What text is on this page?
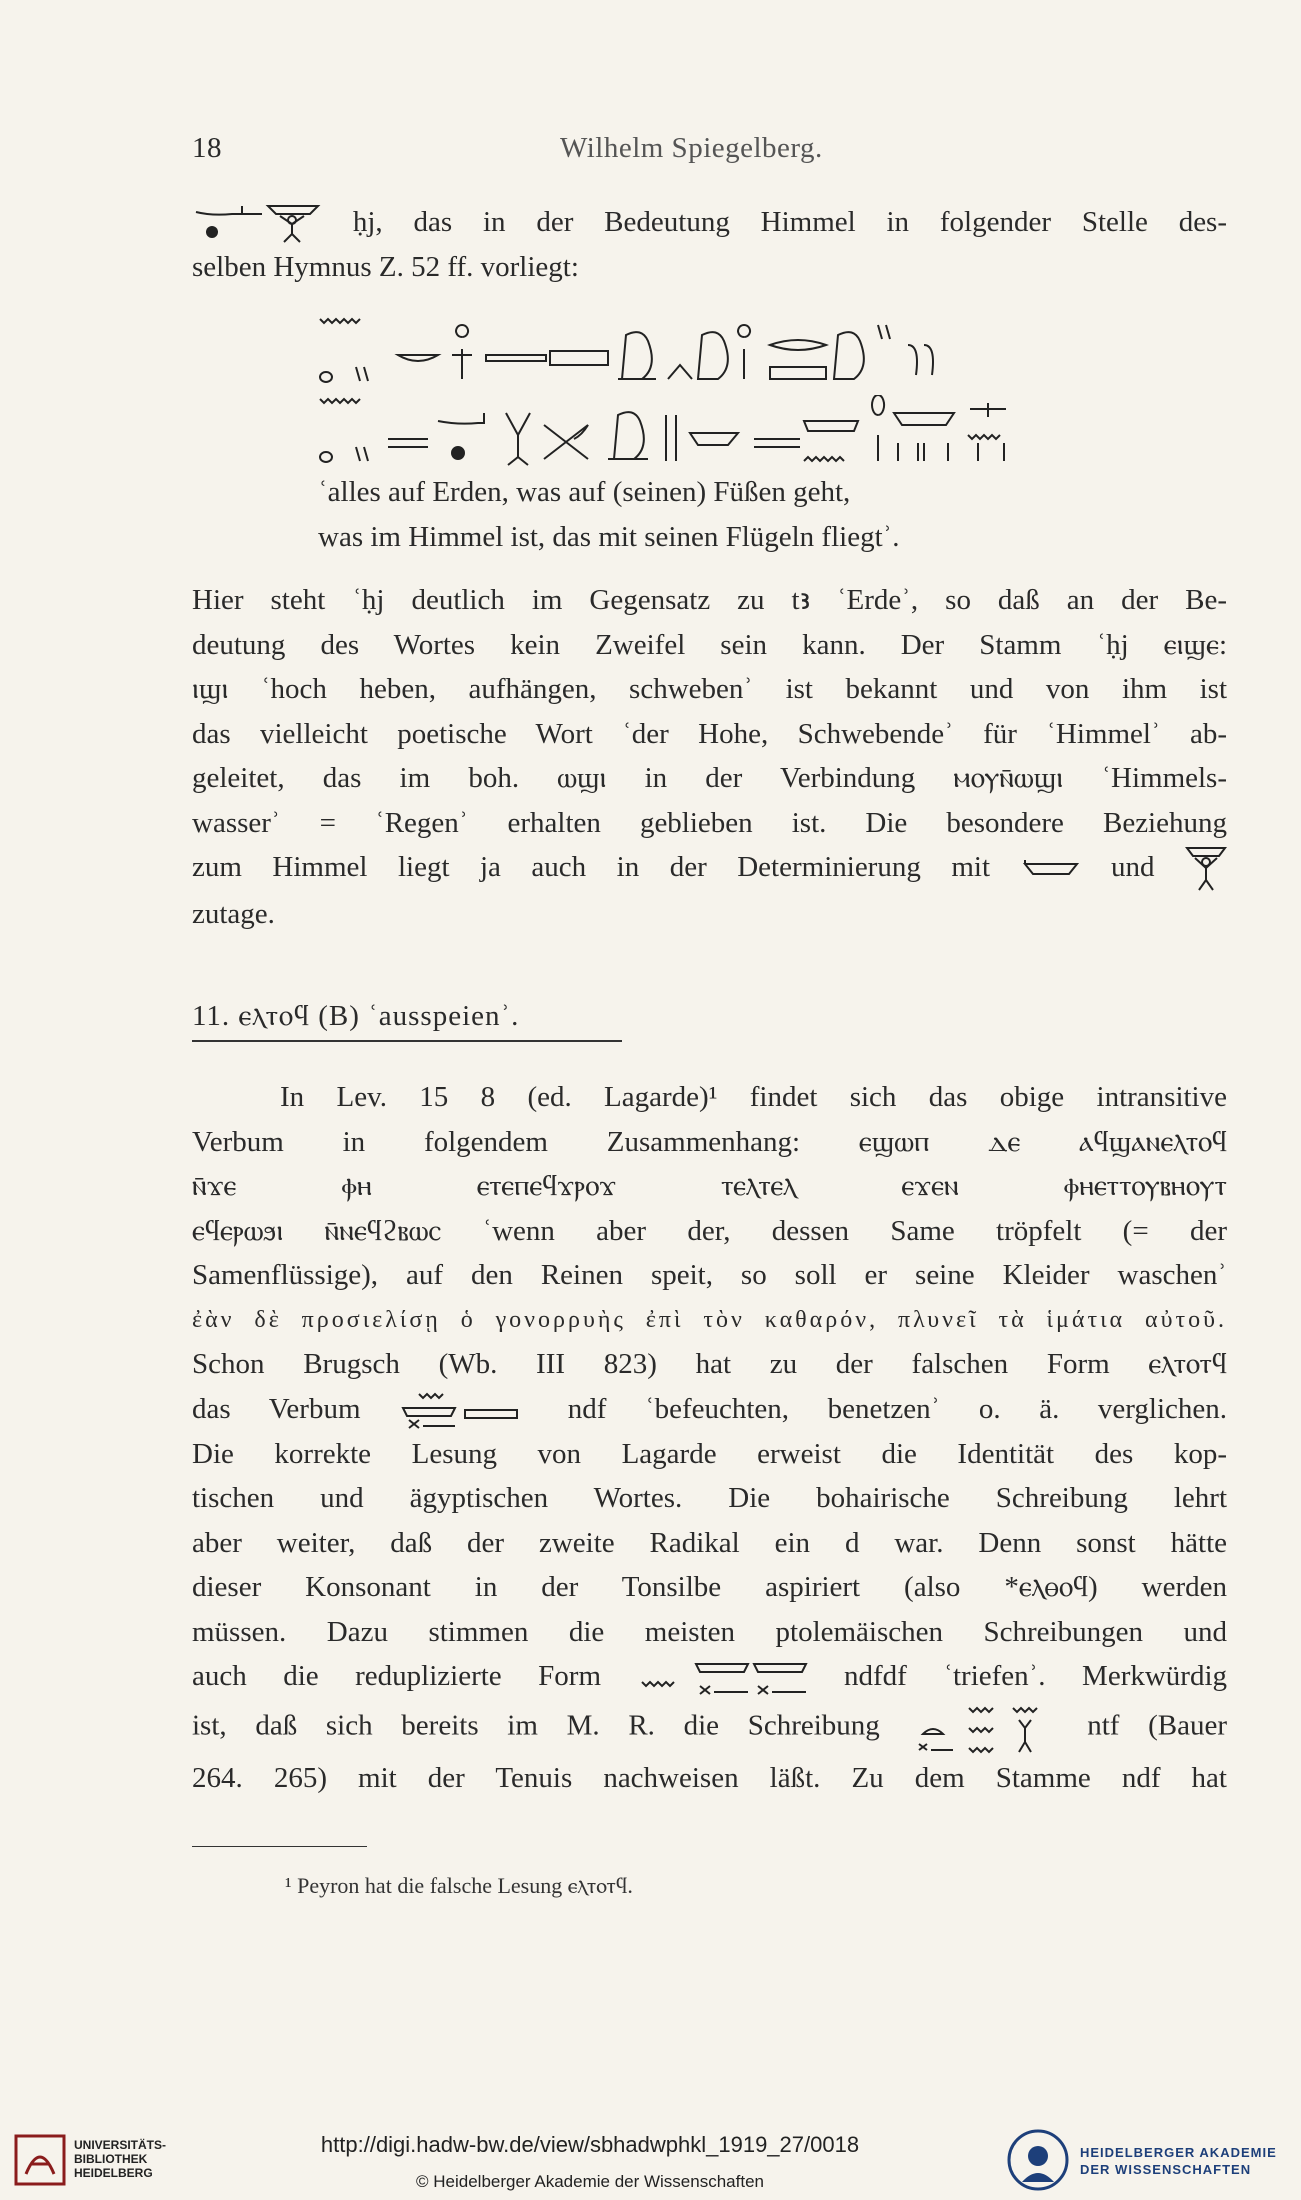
18	Wilhelm Spiegelberg.
ḥj, das in der Bedeutung Himmel in folgender Stelle des-
selben Hymnus Z. 52 ff. vorliegt:

ʿalles auf Erden, was auf (seinen) Füßen geht,
was im Himmel ist, das mit seinen Flügeln fliegtʾ.
Hier steht ʿḥj deutlich im Gegensatz zu tꜣ ʿErdeʾ, so daß an der Be-
deutung des Wortes kein Zweifel sein kann. Der Stamm ʿḥj ⲉⲓϣⲉ:
ⲓϣⲓ ʿhoch heben, aufhängen, schwebenʾ ist bekannt und von ihm ist
das vielleicht poetische Wort ʿder Hohe, Schwebendeʾ für ʿHimmelʾ ab-
geleitet, das im boh. ⲱϣⲓ in der Verbindung ⲙⲟⲩⲛ̄ⲱϣⲓ ʿHimmels-
wasserʾ = ʿRegenʾ erhalten geblieben ist. Die besondere Beziehung
zum Himmel liegt ja auch in der Determinierung mit	und
zutage.
11. ⲉⲗⲧⲟϥ (B) ʿausspeienʾ.
In Lev. 15 8 (ed. Lagarde)¹ findet sich das obige intransitive
Verbum in folgendem Zusammenhang: ⲉϣⲱⲡ ⲇⲉ ⲁϥϣⲁⲛⲉⲗⲧⲟϥ
ⲛ̄ϫⲉ ⲫⲏ ⲉⲧⲉⲡⲉϥϫⲣⲟϫ ⲧⲉⲗⲧⲉⲗ ⲉϫⲉⲛ ⲫⲏⲉⲧⲧⲟⲩⲃⲏⲟⲩⲧ
ⲉϥⲉⲣⲱϧⲓ ⲛ̄ⲛⲉϥϩⲃⲱⲥ ʿwenn aber der, dessen Same tröpfelt (= der
Samenflüssige), auf den Reinen speit, so soll er seine Kleider waschenʾ
ἐὰν δὲ προσιελίσῃ ὁ γονορρυὴς ἐπὶ τὸν καθαρόν, πλυνεῖ τὰ ἱμάτια αὐτοῦ.
Schon Brugsch (Wb. III 823) hat zu der falschen Form ⲉⲗⲧⲟⲧϥ
das Verbum	ndf ʿbefeuchten, benetzenʾ o. ä. verglichen.
Die korrekte Lesung von Lagarde erweist die Identität des kop-
tischen und ägyptischen Wortes. Die bohairische Schreibung lehrt
aber weiter, daß der zweite Radikal ein d war. Denn sonst hätte
dieser Konsonant in der Tonsilbe aspiriert (also *ⲉⲗⲑⲟϥ) werden
müssen. Dazu stimmen die meisten ptolemäischen Schreibungen und
auch die reduplizierte Form	ndfdf ʿtriefenʾ. Merkwürdig
ist, daß sich bereits im M. R. die Schreibung	ntf (Bauer
264. 265) mit der Tenuis nachweisen läßt. Zu dem Stamme ndf hat
¹ Peyron hat die falsche Lesung ⲉⲗⲧⲟⲧϥ.
UNIVERSITÄTS-
BIBLIOTHEK
HEIDELBERG
http://digi.hadw-bw.de/view/sbhadwphkl_1919_27/0018
© Heidelberger Akademie der Wissenschaften
HEIDELBERGER AKADEMIE
DER WISSENSCHAFTEN
